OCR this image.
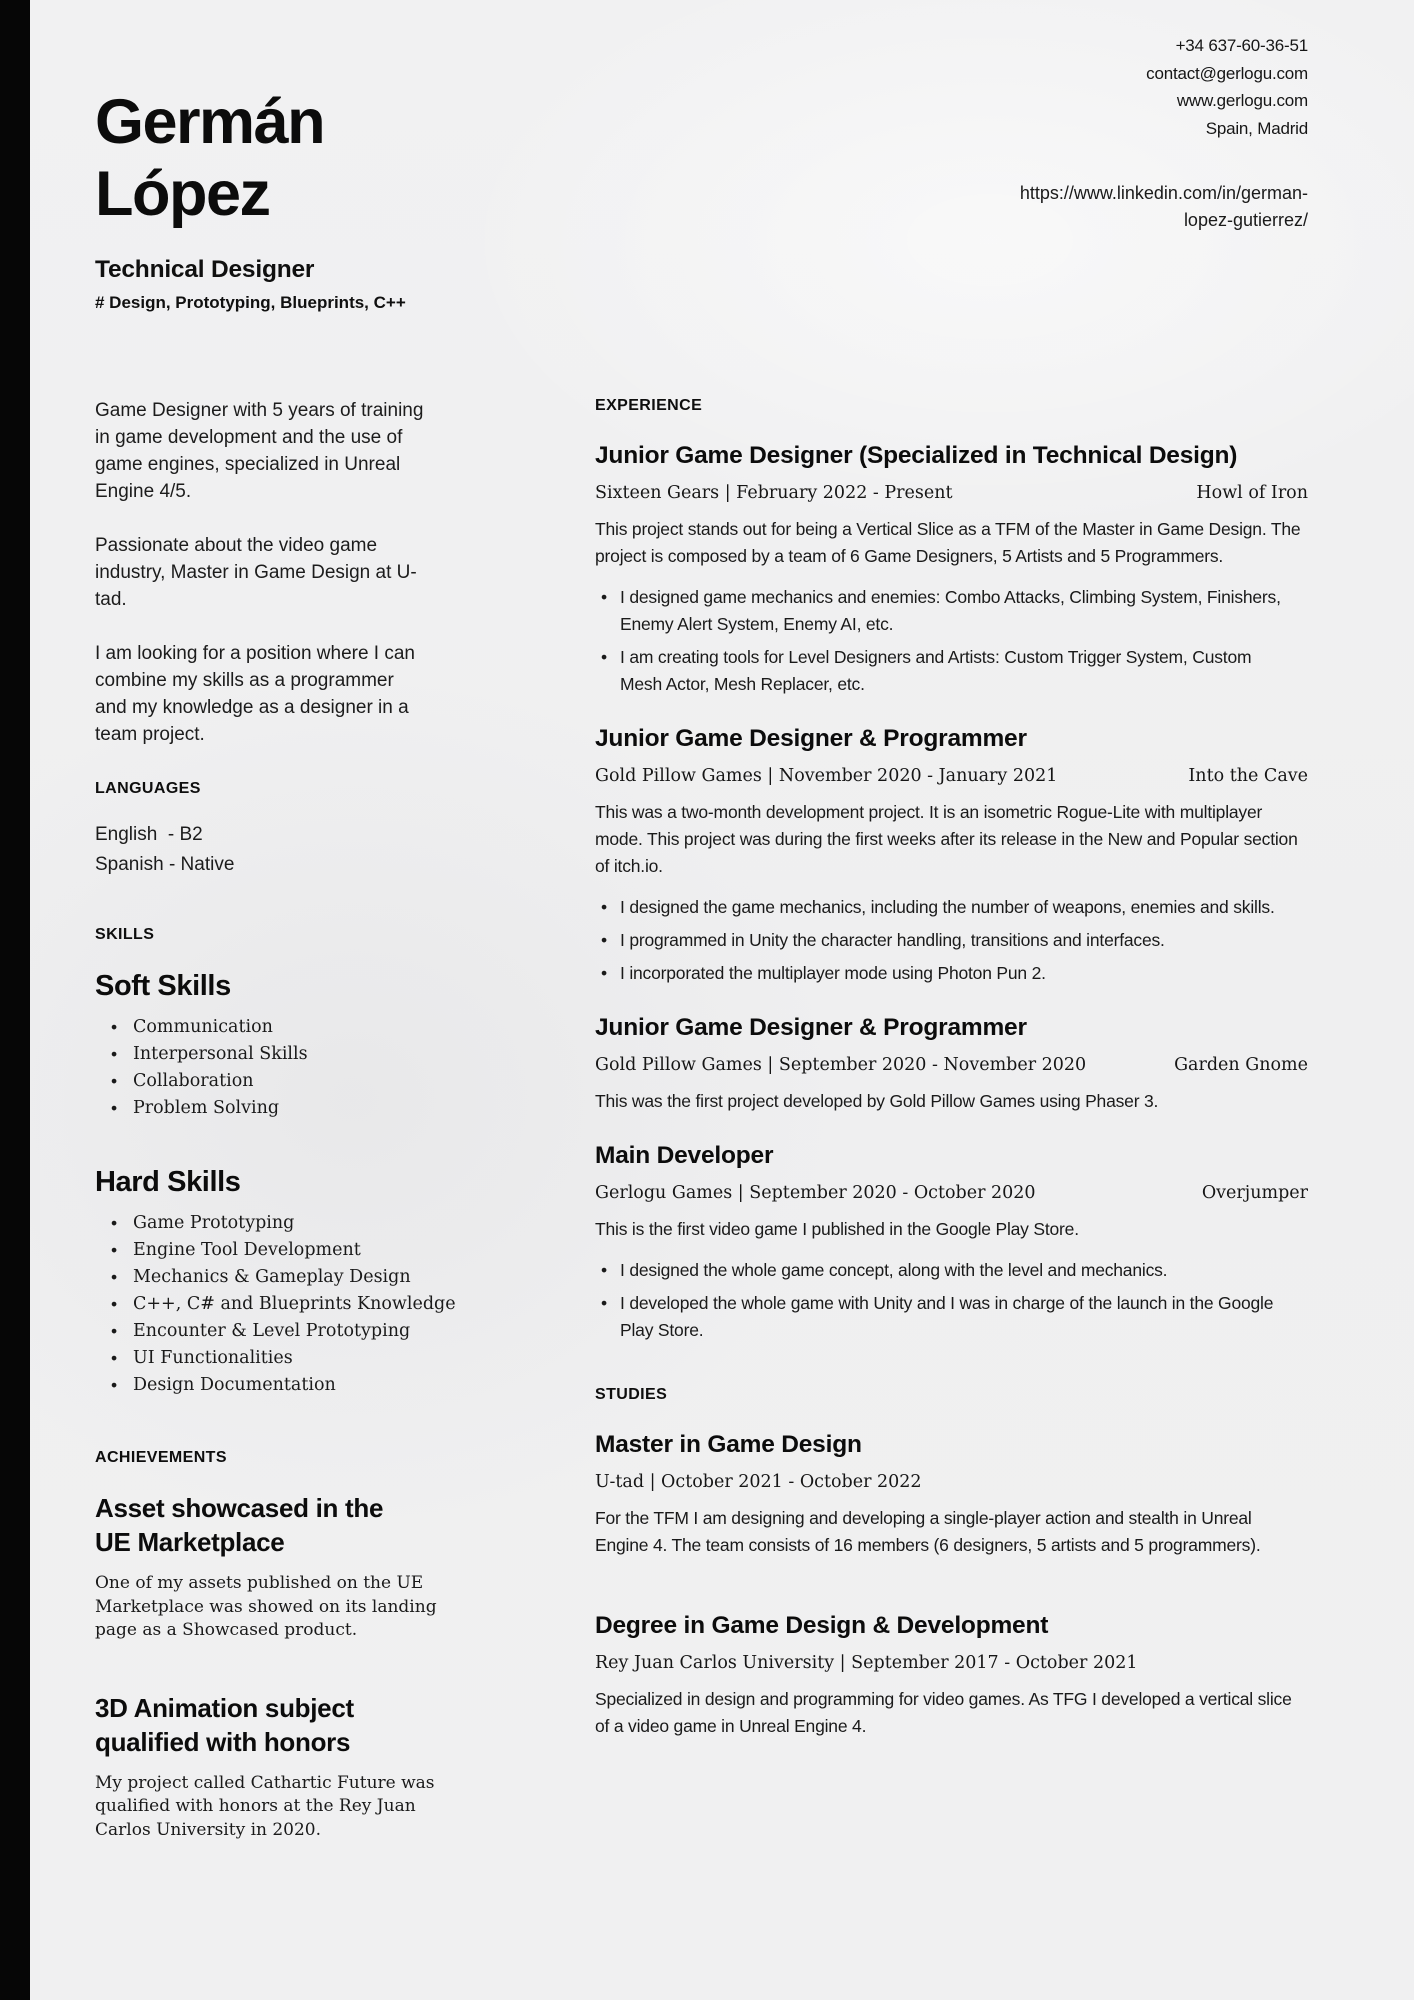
Germán
López
Technical Designer
# Design, Prototyping, Blueprints, C++
+34 637-60-36-51
contact@gerlogu.com
www.gerlogu.com
Spain, Madrid
https://www.linkedin.com/in/german-
lopez-gutierrez/

Game Designer with 5 years of training in game development and the use of game engines, specialized in Unreal Engine 4/5.

Passionate about the video game industry, Master in Game Design at U-tad.

I am looking for a position where I can combine my skills as a programmer and my knowledge as a designer in a team project.

LANGUAGES
English  - B2
Spanish - Native
SKILLS
Soft Skills
• Communication
• Interpersonal Skills
• Collaboration
• Problem Solving
Hard Skills
• Game Prototyping
• Engine Tool Development
• Mechanics & Gameplay Design
• C++, C# and Blueprints Knowledge
• Encounter & Level Prototyping
• UI Functionalities
• Design Documentation
ACHIEVEMENTS
Asset showcased in the UE Marketplace
One of my assets published on the UE Marketplace was showed on its landing page as a Showcased product.
3D Animation subject qualified with honors
My project called Cathartic Future was qualified with honors at the Rey Juan Carlos University in 2020.
EXPERIENCE
Junior Game Designer (Specialized in Technical Design)
Sixteen Gears | February 2022 - Present	Howl of Iron
This project stands out for being a Vertical Slice as a TFM of the Master in Game Design. The project is composed by a team of 6 Game Designers, 5 Artists and 5 Programmers.
• I designed game mechanics and enemies: Combo Attacks, Climbing System, Finishers, Enemy Alert System, Enemy AI, etc.
• I am creating tools for Level Designers and Artists: Custom Trigger System, Custom Mesh Actor, Mesh Replacer, etc.
Junior Game Designer & Programmer
Gold Pillow Games | November 2020 - January 2021	Into the Cave
This was a two-month development project. It is an isometric Rogue-Lite with multiplayer mode. This project was during the first weeks after its release in the New and Popular section of itch.io.
• I designed the game mechanics, including the number of weapons, enemies and skills.
• I programmed in Unity the character handling, transitions and interfaces.
• I incorporated the multiplayer mode using Photon Pun 2.
Junior Game Designer & Programmer
Gold Pillow Games | September 2020 - November 2020	Garden Gnome
This was the first project developed by Gold Pillow Games using Phaser 3.
Main Developer
Gerlogu Games | September 2020 - October 2020	Overjumper
This is the first video game I published in the Google Play Store.
• I designed the whole game concept, along with the level and mechanics.
• I developed the whole game with Unity and I was in charge of the launch in the Google Play Store.
STUDIES
Master in Game Design
U-tad | October 2021 - October 2022
For the TFM I am designing and developing a single-player action and stealth in Unreal Engine 4. The team consists of 16 members (6 designers, 5 artists and 5 programmers).
Degree in Game Design & Development
Rey Juan Carlos University | September 2017 - October 2021
Specialized in design and programming for video games. As TFG I developed a vertical slice of a video game in Unreal Engine 4.
